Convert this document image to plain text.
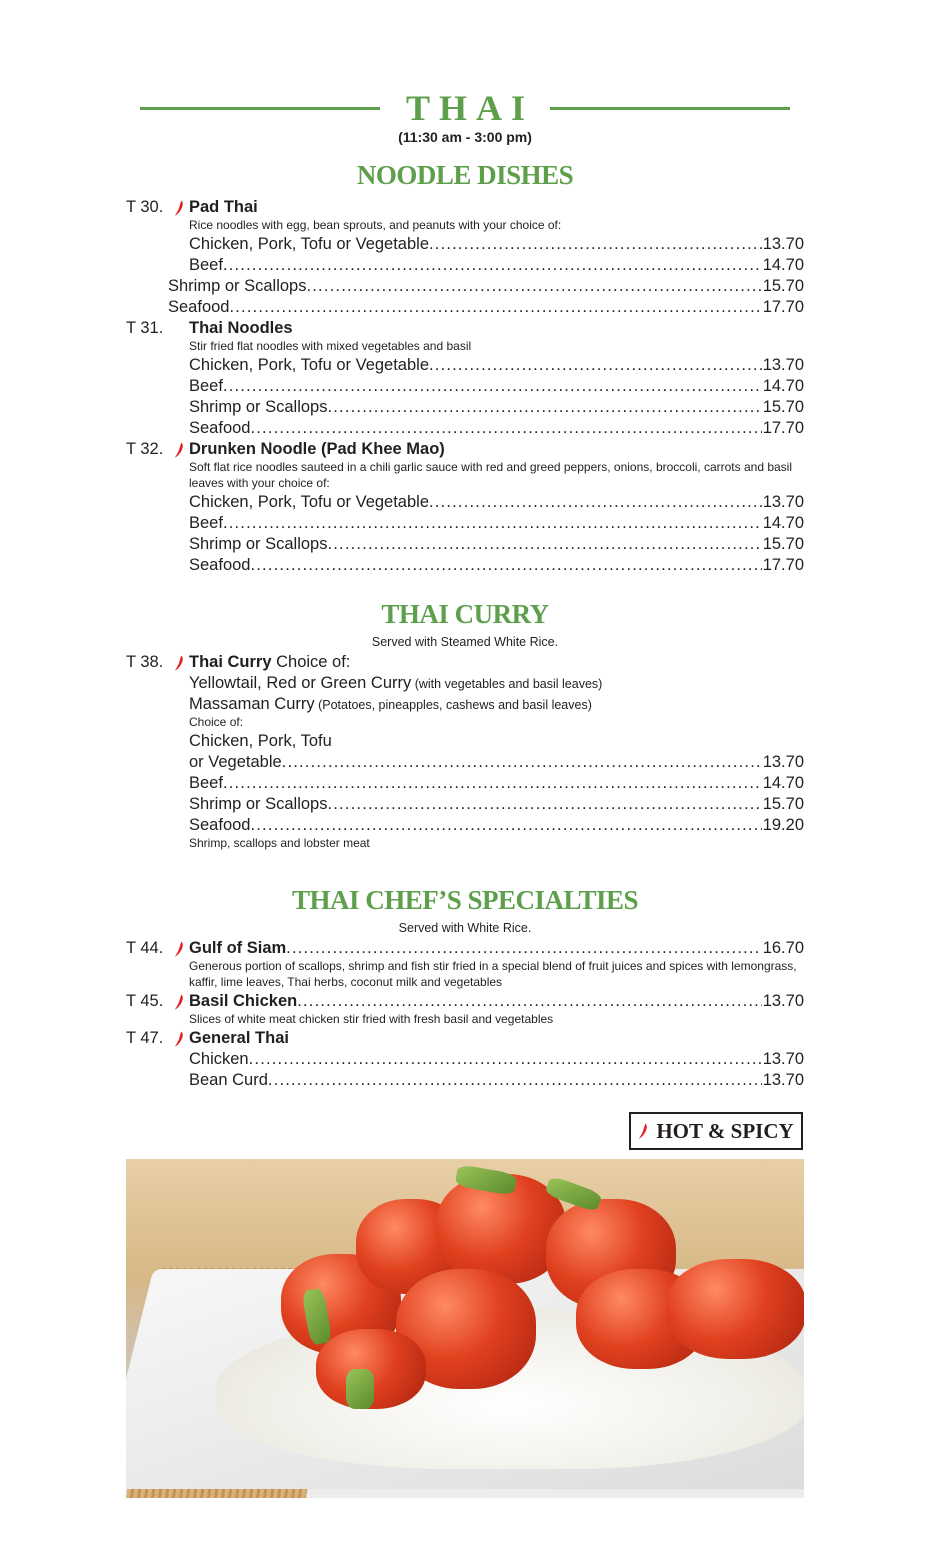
THAI
(11:30 am - 3:00 pm)
NOODLE DISHES
T 30. Pad Thai
Rice noodles with egg, bean sprouts, and peanuts with your choice of:
Chicken, Pork, Tofu or Vegetable .....	13.70
Beef .....	14.70
Shrimp or Scallops .....	15.70
Seafood .....	17.70
T 31. Thai Noodles
Stir fried flat noodles with mixed vegetables and basil
Chicken, Pork, Tofu or Vegetable .....	13.70
Beef .....	14.70
Shrimp or Scallops .....	15.70
Seafood .....	17.70
T 32. Drunken Noodle (Pad Khee Mao)
Soft flat rice noodles sauteed in a chili garlic sauce with red and greed peppers, onions, broccoli, carrots and basil leaves with your choice of:
Chicken, Pork, Tofu or Vegetable .....	13.70
Beef .....	14.70
Shrimp or Scallops .....	15.70
Seafood .....	17.70
THAI CURRY
Served with Steamed White Rice.
T 38. Thai Curry Choice of:
Yellowtail, Red or Green Curry (with vegetables and basil leaves)
Massaman Curry (Potatoes, pineapples, cashews and basil leaves)
Choice of:
Chicken, Pork, Tofu
or Vegetable .....	13.70
Beef .....	14.70
Shrimp or Scallops .....	15.70
Seafood .....	19.20
Shrimp, scallops and lobster meat
THAI CHEF’S SPECIALTIES
Served with White Rice.
T 44. Gulf of Siam .....	16.70
Generous portion of scallops, shrimp and fish stir fried in a special blend of fruit juices and spices with lemongrass, kaffir, lime leaves, Thai herbs, coconut milk and vegetables
T 45. Basil Chicken .....	13.70
Slices of white meat chicken stir fried with fresh basil and vegetables
T 47. General Thai
Chicken .....	13.70
Bean Curd .....	13.70
HOT & SPICY
